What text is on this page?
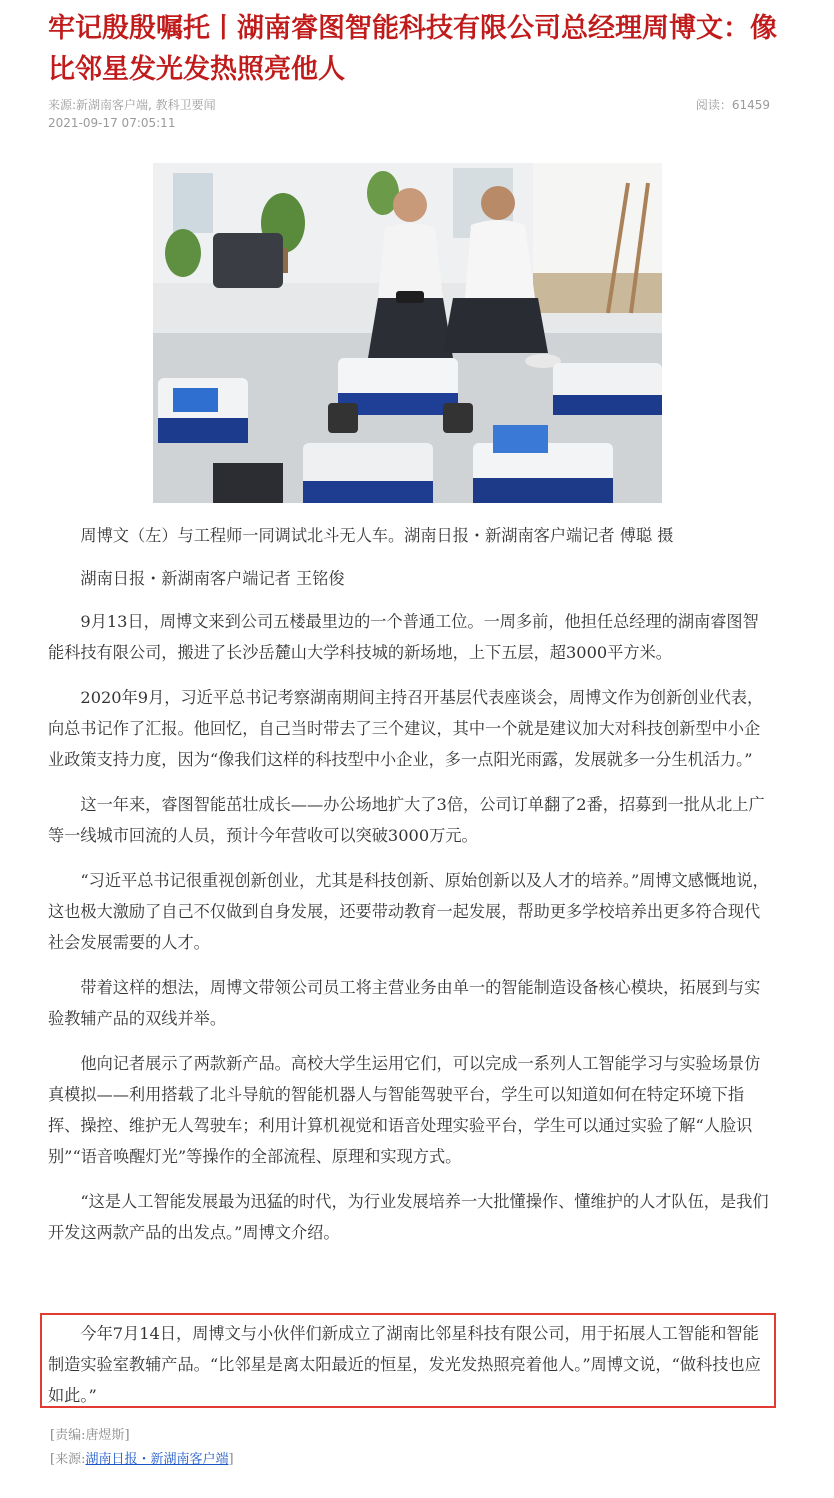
牢记殷殷嘱托丨湖南睿图智能科技有限公司总经理周博文：像比邻星发光发热照亮他人
来源:新湖南客户端, 教科卫要闻	阅读：61459
2021-09-17 07:05:11

周博文（左）与工程师一同调试北斗无人车。湖南日报・新湖南客户端记者 傅聪 摄

湖南日报・新湖南客户端记者 王铭俊

9月13日，周博文来到公司五楼最里边的一个普通工位。一周多前，他担任总经理的湖南睿图智能科技有限公司，搬进了长沙岳麓山大学科技城的新场地，上下五层，超3000平方米。

2020年9月，习近平总书记考察湖南期间主持召开基层代表座谈会，周博文作为创新创业代表，向总书记作了汇报。他回忆，自己当时带去了三个建议，其中一个就是建议加大对科技创新型中小企业政策支持力度，因为“像我们这样的科技型中小企业，多一点阳光雨露，发展就多一分生机活力。”

这一年来，睿图智能茁壮成长——办公场地扩大了3倍，公司订单翻了2番，招募到一批从北上广等一线城市回流的人员，预计今年营收可以突破3000万元。

“习近平总书记很重视创新创业，尤其是科技创新、原始创新以及人才的培养。”周博文感慨地说，这也极大激励了自己不仅做到自身发展，还要带动教育一起发展，帮助更多学校培养出更多符合现代社会发展需要的人才。

带着这样的想法，周博文带领公司员工将主营业务由单一的智能制造设备核心模块，拓展到与实验教辅产品的双线并举。

他向记者展示了两款新产品。高校大学生运用它们，可以完成一系列人工智能学习与实验场景仿真模拟——利用搭载了北斗导航的智能机器人与智能驾驶平台，学生可以知道如何在特定环境下指挥、操控、维护无人驾驶车；利用计算机视觉和语音处理实验平台，学生可以通过实验了解“人脸识别”“语音唤醒灯光”等操作的全部流程、原理和实现方式。

“这是人工智能发展最为迅猛的时代，为行业发展培养一大批懂操作、懂维护的人才队伍，是我们开发这两款产品的出发点。”周博文介绍。

今年7月14日，周博文与小伙伴们新成立了湖南比邻星科技有限公司，用于拓展人工智能和智能制造实验室教辅产品。“比邻星是离太阳最近的恒星，发光发热照亮着他人。”周博文说，“做科技也应如此。”

[责编:唐煜斯]
[来源:湖南日报・新湖南客户端]
